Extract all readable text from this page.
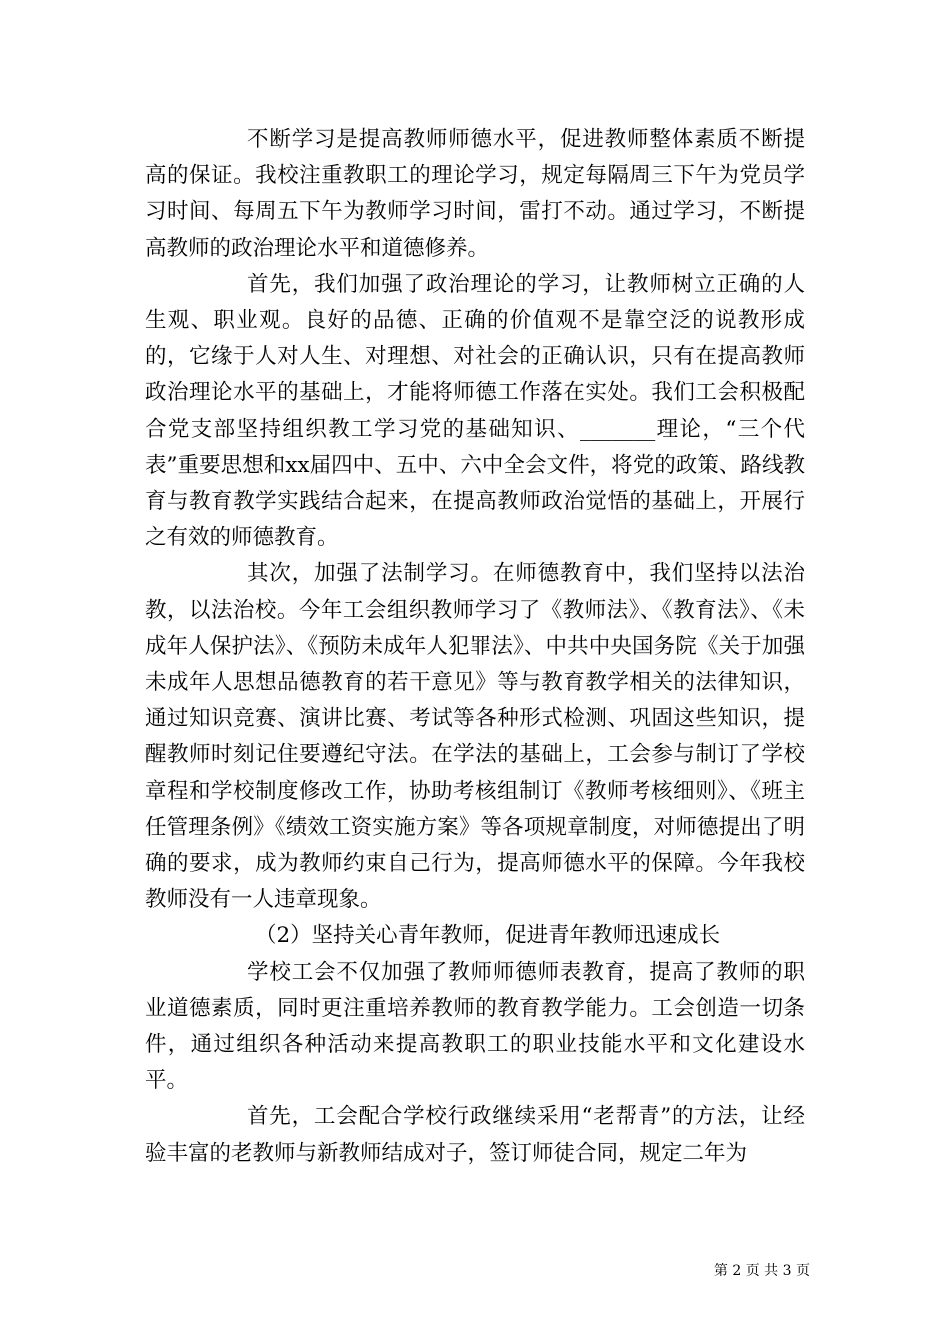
不断学习是提高教师师德水平，促进教师整体素质不断提高的保证。我校注重教职工的理论学习，规定每隔周三下午为党员学习时间、每周五下午为教师学习时间，雷打不动。通过学习，不断提高教师的政治理论水平和道德修养。

首先，我们加强了政治理论的学习，让教师树立正确的人生观、职业观。良好的品德、正确的价值观不是靠空泛的说教形成的，它缘于人对人生、对理想、对社会的正确认识，只有在提高教师政治理论水平的基础上，才能将师德工作落在实处。我们工会积极配合党支部坚持组织教工学习党的基础知识、_______理论，“三个代表”重要思想和xx届四中、五中、六中全会文件，将党的政策、路线教育与教育教学实践结合起来，在提高教师政治觉悟的基础上，开展行之有效的师德教育。

其次，加强了法制学习。在师德教育中，我们坚持以法治教，以法治校。今年工会组织教师学习了《教师法》、《教育法》、《未成年人保护法》、《预防未成年人犯罪法》、中共中央国务院《关于加强未成年人思想品德教育的若干意见》等与教育教学相关的法律知识，通过知识竞赛、演讲比赛、考试等各种形式检测、巩固这些知识，提醒教师时刻记住要遵纪守法。在学法的基础上，工会参与制订了学校章程和学校制度修改工作，协助考核组制订《教师考核细则》、《班主任管理条例》《绩效工资实施方案》等各项规章制度，对师德提出了明确的要求，成为教师约束自己行为，提高师德水平的保障。今年我校教师没有一人违章现象。

（2）坚持关心青年教师，促进青年教师迅速成长

学校工会不仅加强了教师师德师表教育，提高了教师的职业道德素质，同时更注重培养教师的教育教学能力。工会创造一切条件，通过组织各种活动来提高教职工的职业技能水平和文化建设水平。

首先，工会配合学校行政继续采用“老帮青”的方法，让经验丰富的老教师与新教师结成对子，签订师徒合同，规定二年为

第 2 页 共 3 页
